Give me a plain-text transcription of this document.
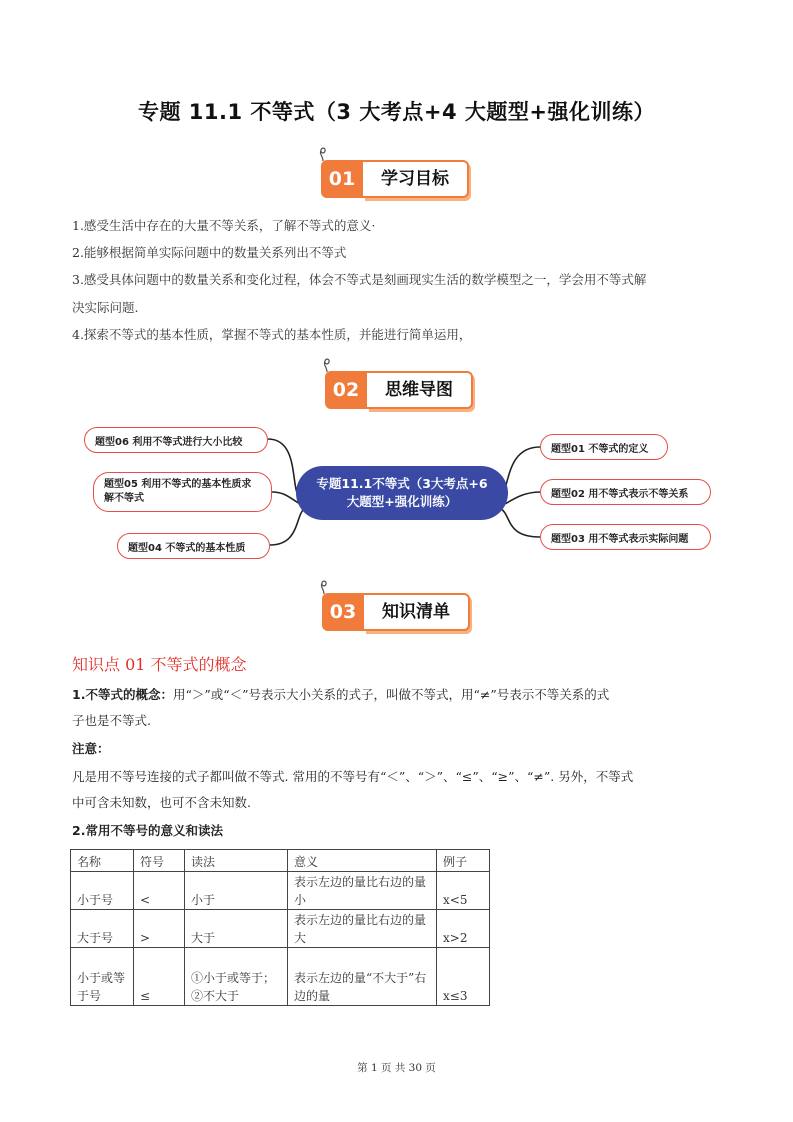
专题 11.1 不等式（3 大考点+4 大题型+强化训练）
01	学习目标
1.感受生活中存在的大量不等关系，了解不等式的意义·
2.能够根据简单实际问题中的数量关系列出不等式
3.感受具体问题中的数量关系和变化过程，体会不等式是刻画现实生活的数学模型之一，学会用不等式解
决实际问题.
4.探索不等式的基本性质，掌握不等式的基本性质，并能进行简单运用，
02	思维导图
题型06 利用不等式进行大小比较
题型05 利用不等式的基本性质求解不等式
题型04 不等式的基本性质
专题11.1不等式（3大考点+6大题型+强化训练）
题型01 不等式的定义
题型02 用不等式表示不等关系
题型03 用不等式表示实际问题
03	知识清单
知识点 01 不等式的概念
1.不等式的概念：用“＞”或“＜”号表示大小关系的式子，叫做不等式，用“≠”号表示不等关系的式
子也是不等式.
注意：
凡是用不等号连接的式子都叫做不等式. 常用的不等号有“＜”、“＞”、“≤”、“≥”、“≠”. 另外，不等式
中可含未知数，也可不含未知数.
2.常用不等号的意义和读法
名称	符号	读法	意义	例子
小于号	<	小于	表示左边的量比右边的量小	x<5
大于号	>	大于	表示左边的量比右边的量大	x>2
小于或等于号	≤	①小于或等于；②不大于	表示左边的量“不大于”右边的量	x≤3
第 1 页 共 30 页
